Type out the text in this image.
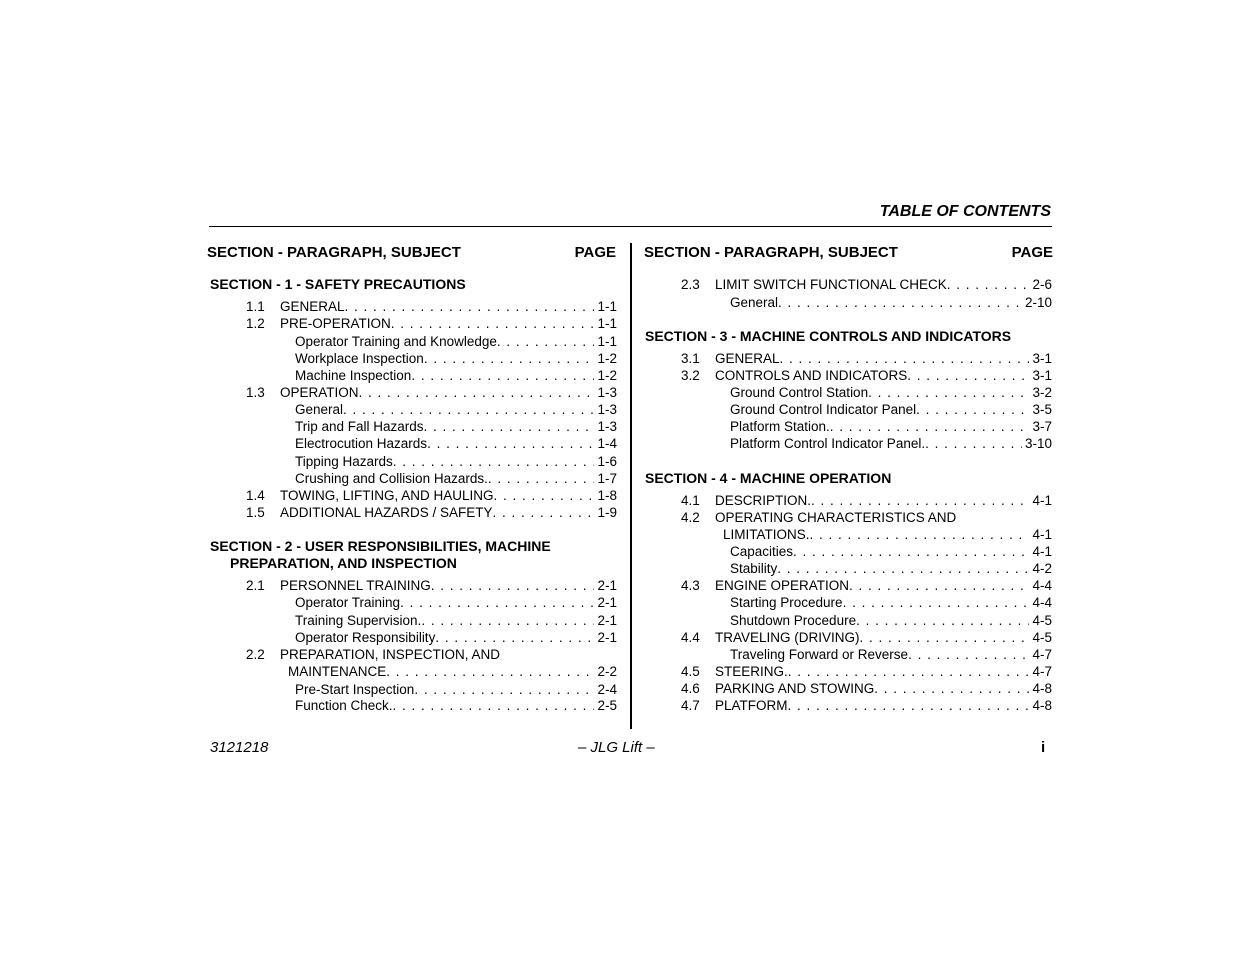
TABLE OF CONTENTS
SECTION - PARAGRAPH, SUBJECT	PAGE SECTION - PARAGRAPH, SUBJECT	PAGE
SECTION - 1 - SAFETY PRECAUTIONS
1.1 GENERAL . . .	1-1
1.2 PRE-OPERATION . . .	1-1
Operator Training and Knowledge . . .	1-1
Workplace Inspection . . .	1-2
Machine Inspection . . .	1-2
1.3 OPERATION . . .	1-3
General . . .	1-3
Trip and Fall Hazards . . .	1-3
Electrocution Hazards . . .	1-4
Tipping Hazards . . .	1-6
Crushing and Collision Hazards. . . .	1-7
1.4 TOWING, LIFTING, AND HAULING . . .	1-8
1.5 ADDITIONAL HAZARDS / SAFETY . . .	1-9
SECTION - 2 - USER RESPONSIBILITIES, MACHINE
PREPARATION, AND INSPECTION
2.1 PERSONNEL TRAINING . . .	2-1
Operator Training . . .	2-1
Training Supervision. . . .	2-1
Operator Responsibility . . .	2-1
2.2 PREPARATION, INSPECTION, AND
MAINTENANCE . . .	2-2
Pre-Start Inspection . . .	2-4
Function Check. . . .	2-5
2.3 LIMIT SWITCH FUNCTIONAL CHECK . . .	2-6
General . . .	2-10
SECTION - 3 - MACHINE CONTROLS AND INDICATORS
3.1 GENERAL . . .	3-1
3.2 CONTROLS AND INDICATORS . . .	3-1
Ground Control Station . . .	3-2
Ground Control Indicator Panel . . .	3-5
Platform Station. . . .	3-7
Platform Control Indicator Panel. . . .	3-10
SECTION - 4 - MACHINE OPERATION
4.1 DESCRIPTION. . . .	4-1
4.2 OPERATING CHARACTERISTICS AND
LIMITATIONS. . . .	4-1
Capacities . . .	4-1
Stability . . .	4-2
4.3 ENGINE OPERATION . . .	4-4
Starting Procedure . . .	4-4
Shutdown Procedure . . .	4-5
4.4 TRAVELING (DRIVING) . . .	4-5
Traveling Forward or Reverse . . .	4-7
4.5 STEERING. . . .	4-7
4.6 PARKING AND STOWING . . .	4-8
4.7 PLATFORM . . .	4-8
3121218	– JLG Lift –	i
